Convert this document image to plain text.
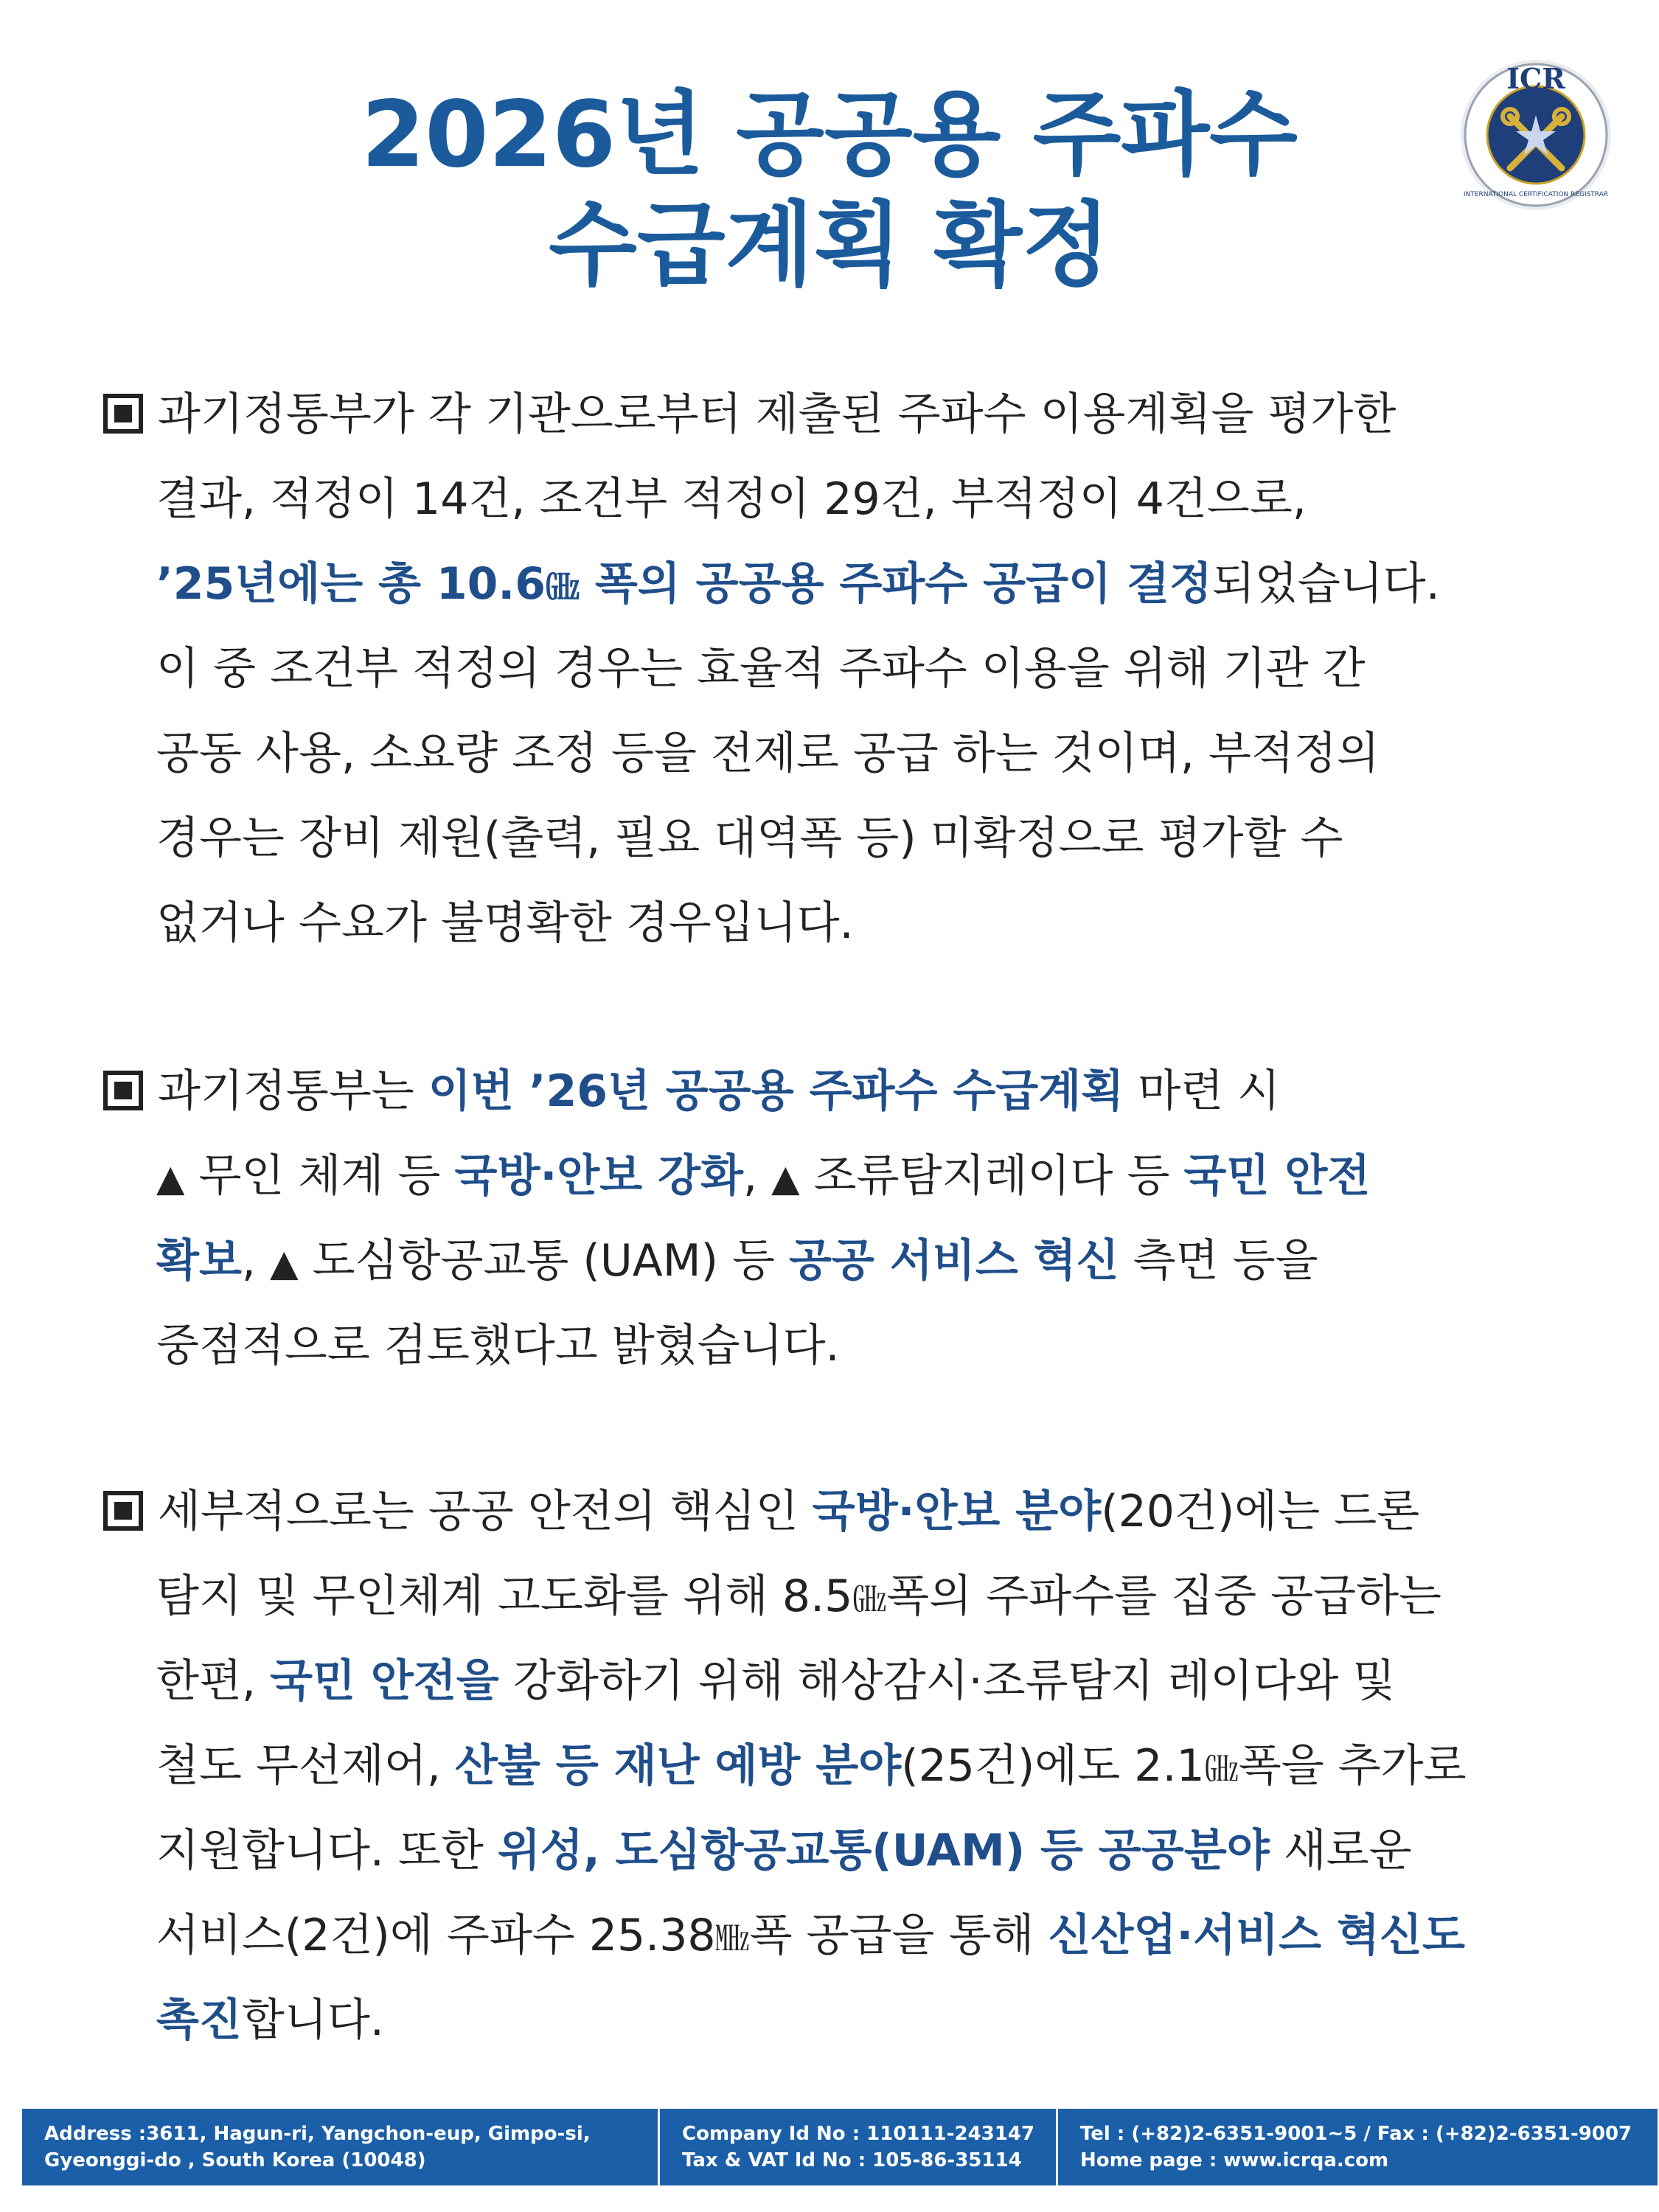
2026년 공공용 주파수
수급계획 확정
ICR
INTERNATIONAL CERTIFICATION REGISTRAR
과기정통부가 각 기관으로부터 제출된 주파수 이용계획을 평가한
결과, 적정이 14건, 조건부 적정이 29건, 부적정이 4건으로,
’25년에는 총 10.6㎓ 폭의 공공용 주파수 공급이 결정되었습니다.
이 중 조건부 적정의 경우는 효율적 주파수 이용을 위해 기관 간
공동 사용, 소요량 조정 등을 전제로 공급 하는 것이며, 부적정의
경우는 장비 제원(출력, 필요 대역폭 등) 미확정으로 평가할 수
없거나 수요가 불명확한 경우입니다.
과기정통부는 이번 ’26년 공공용 주파수 수급계획 마련 시
▲ 무인 체계 등 국방·안보 강화, ▲ 조류탐지레이다 등 국민 안전
확보, ▲ 도심항공교통 (UAM) 등 공공 서비스 혁신 측면 등을
중점적으로 검토했다고 밝혔습니다.
세부적으로는 공공 안전의 핵심인 국방·안보 분야(20건)에는 드론
탐지 및 무인체계 고도화를 위해 8.5㎓폭의 주파수를 집중 공급하는
한편, 국민 안전을 강화하기 위해 해상감시·조류탐지 레이다와 및
철도 무선제어, 산불 등 재난 예방 분야(25건)에도 2.1㎓폭을 추가로
지원합니다. 또한 위성, 도심항공교통(UAM) 등 공공분야 새로운
서비스(2건)에 주파수 25.38㎒폭 공급을 통해 신산업·서비스 혁신도
촉진합니다.
Address :3611, Hagun-ri, Yangchon-eup, Gimpo-si,
Gyeonggi-do , South Korea (10048)
Company Id No : 110111-243147
Tax & VAT Id No : 105-86-35114
Tel : (+82)2-6351-9001~5 / Fax : (+82)2-6351-9007
Home page : www.icrqa.com
